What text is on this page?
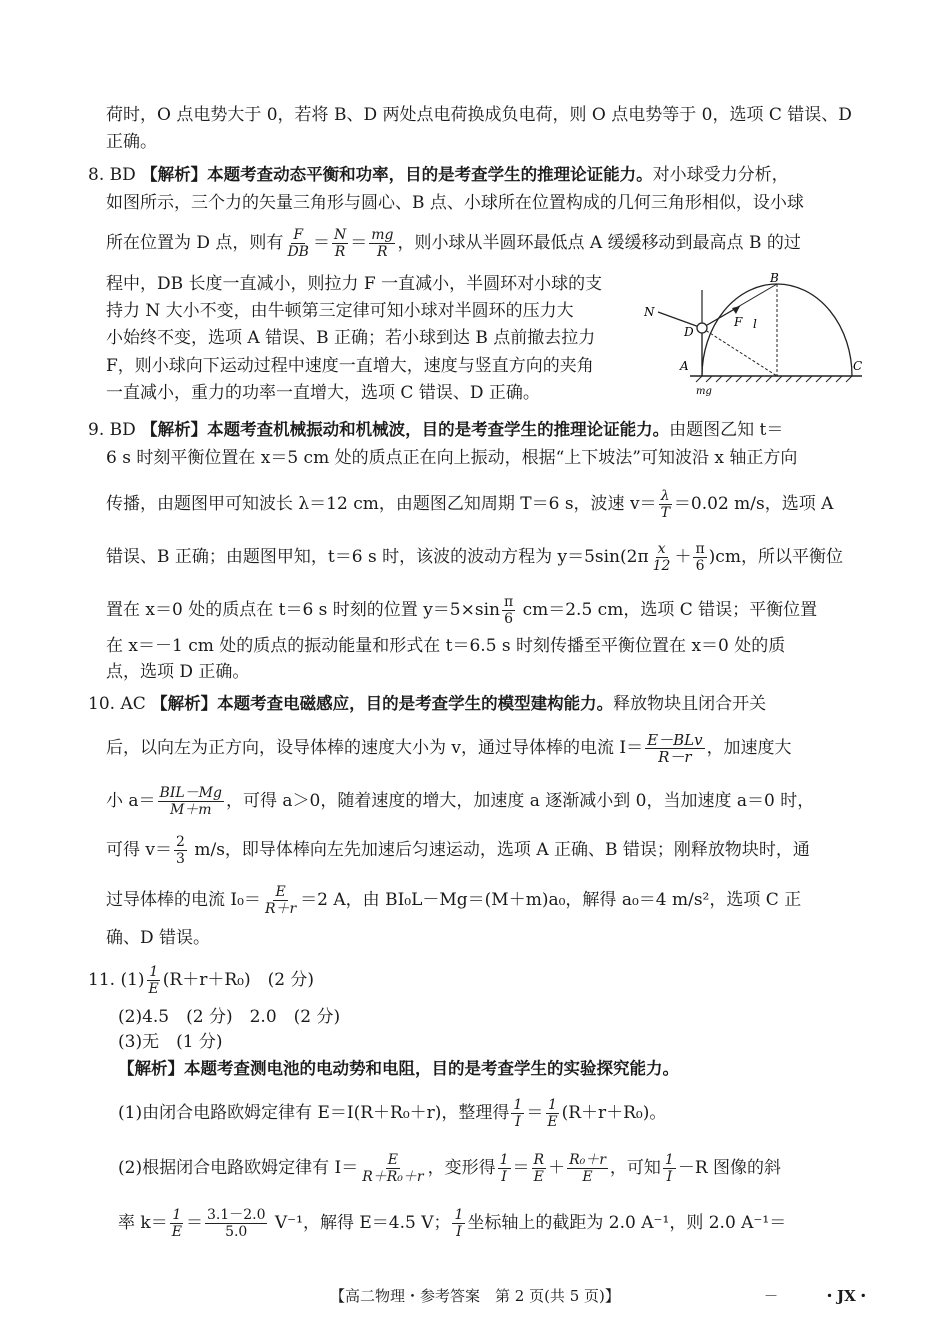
荷时，O 点电势大于 0，若将 B、D 两处点电荷换成负电荷，则 O 点电势等于 0，选项 C 错误、D
正确。
8. BD 【解析】本题考查动态平衡和功率，目的是考查学生的推理论证能力。对小球受力分析，
如图所示，三个力的矢量三角形与圆心、B 点、小球所在位置构成的几何三角形相似，设小球
所在位置为 D 点，则有 $\frac{F}{DB} = \frac{N}{R} = \frac{mg}{R}$ ，则小球从半圆环最低点 A 缓缓移动到最高点 B 的过
程中，DB 长度一直减小，则拉力 F 一直减小，半圆环对小球的支
持力 N 大小不变，由牛顿第三定律可知小球对半圆环的压力大
小始终不变，选项 A 错误、B 正确；若小球到达 B 点前撤去拉力
F，则小球向下运动过程中速度一直增大，速度与竖直方向的夹角
一直减小，重力的功率一直增大，选项 C 错误、D 正确。
B
N
F
D
A	C
mg
l
9. BD 【解析】本题考查机械振动和机械波，目的是考查学生的推理论证能力。由题图乙知 t＝
6 s 时刻平衡位置在 x＝5 cm 处的质点正在向上振动，根据“上下坡法”可知波沿 x 轴正方向
传播，由题图甲可知波长 λ＝12 cm，由题图乙知周期 T＝6 s，波速 $v= \frac{\lambda}{T} =0.02$ m/s，选项 A
错误、B 正确；由题图甲知，t＝6 s 时，该波的波动方程为 $y=5\sin(2\pi \frac{x}{12} + \frac{\pi}{6} )cm$，所以平衡位
置在 x＝0 处的质点在 t＝6 s 时刻的位置 $y=5\times\sin \frac{\pi}{6} cm=2.5$ cm，选项 C 错误；平衡位置
在 x＝－1 cm 处的质点的振动能量和形式在 t＝6.5 s 时刻传播至平衡位置在 x＝0 处的质
点，选项 D 正确。
10. AC 【解析】本题考查电磁感应，目的是考查学生的模型建构能力。释放物块且闭合开关
后，以向左为正方向，设导体棒的速度大小为 v，通过导体棒的电流 $I= \frac{\text{E－BLv}}{R-r}$ ，加速度大
小 $a= \frac{\text{BIL－Mg}}{M+m}$ ，可得 a＞0，随着速度的增大，加速度 a 逐渐减小到 0，当加速度 a＝0 时，
可得 $v= \frac{2}{3} m/s$，即导体棒向左先加速后匀速运动，选项 A 正确、B 错误；刚释放物块时，通
过导体棒的电流 $I_0= \frac{E}{R+r} =2$ A，由 BI₀L－Mg＝(M＋m)a₀，解得 a₀＝4 m/s²，选项 C 正
确、D 错误。
11. $(1) \frac{1}{E} (R+r+R_0)$　(2 分)
(2)4.5　(2 分)　2.0　(2 分)
(3)无　(1 分)
【解析】本题考查测电池的电动势和电阻，目的是考查学生的实验探究能力。
(1)由闭合电路欧姆定律有 E＝I(R＋R₀＋r)，整理得 $\frac{1}{I} = \frac{1}{E} (R+r+R_0)$。
(2)根据闭合电路欧姆定律有 $I= \frac{E}{\text{R＋R₀＋r}}$ ，变形得 $\frac{1}{I} = \frac{R}{E} + \frac{\text{R₀＋r}}{E}$ ，可知 $\frac{1}{I} -R$ 图像的斜
率 $k= \frac{1}{E} = \frac{3.1-2.0}{5.0} V^{-1}$，解得 E＝4.5 V； $\frac{1}{I}$ 坐标轴上的截距为 2.0 A⁻¹，则 2.0 A⁻¹＝
【高二物理・参考答案　第 2 页(共 5 页)】	—	・JX・
